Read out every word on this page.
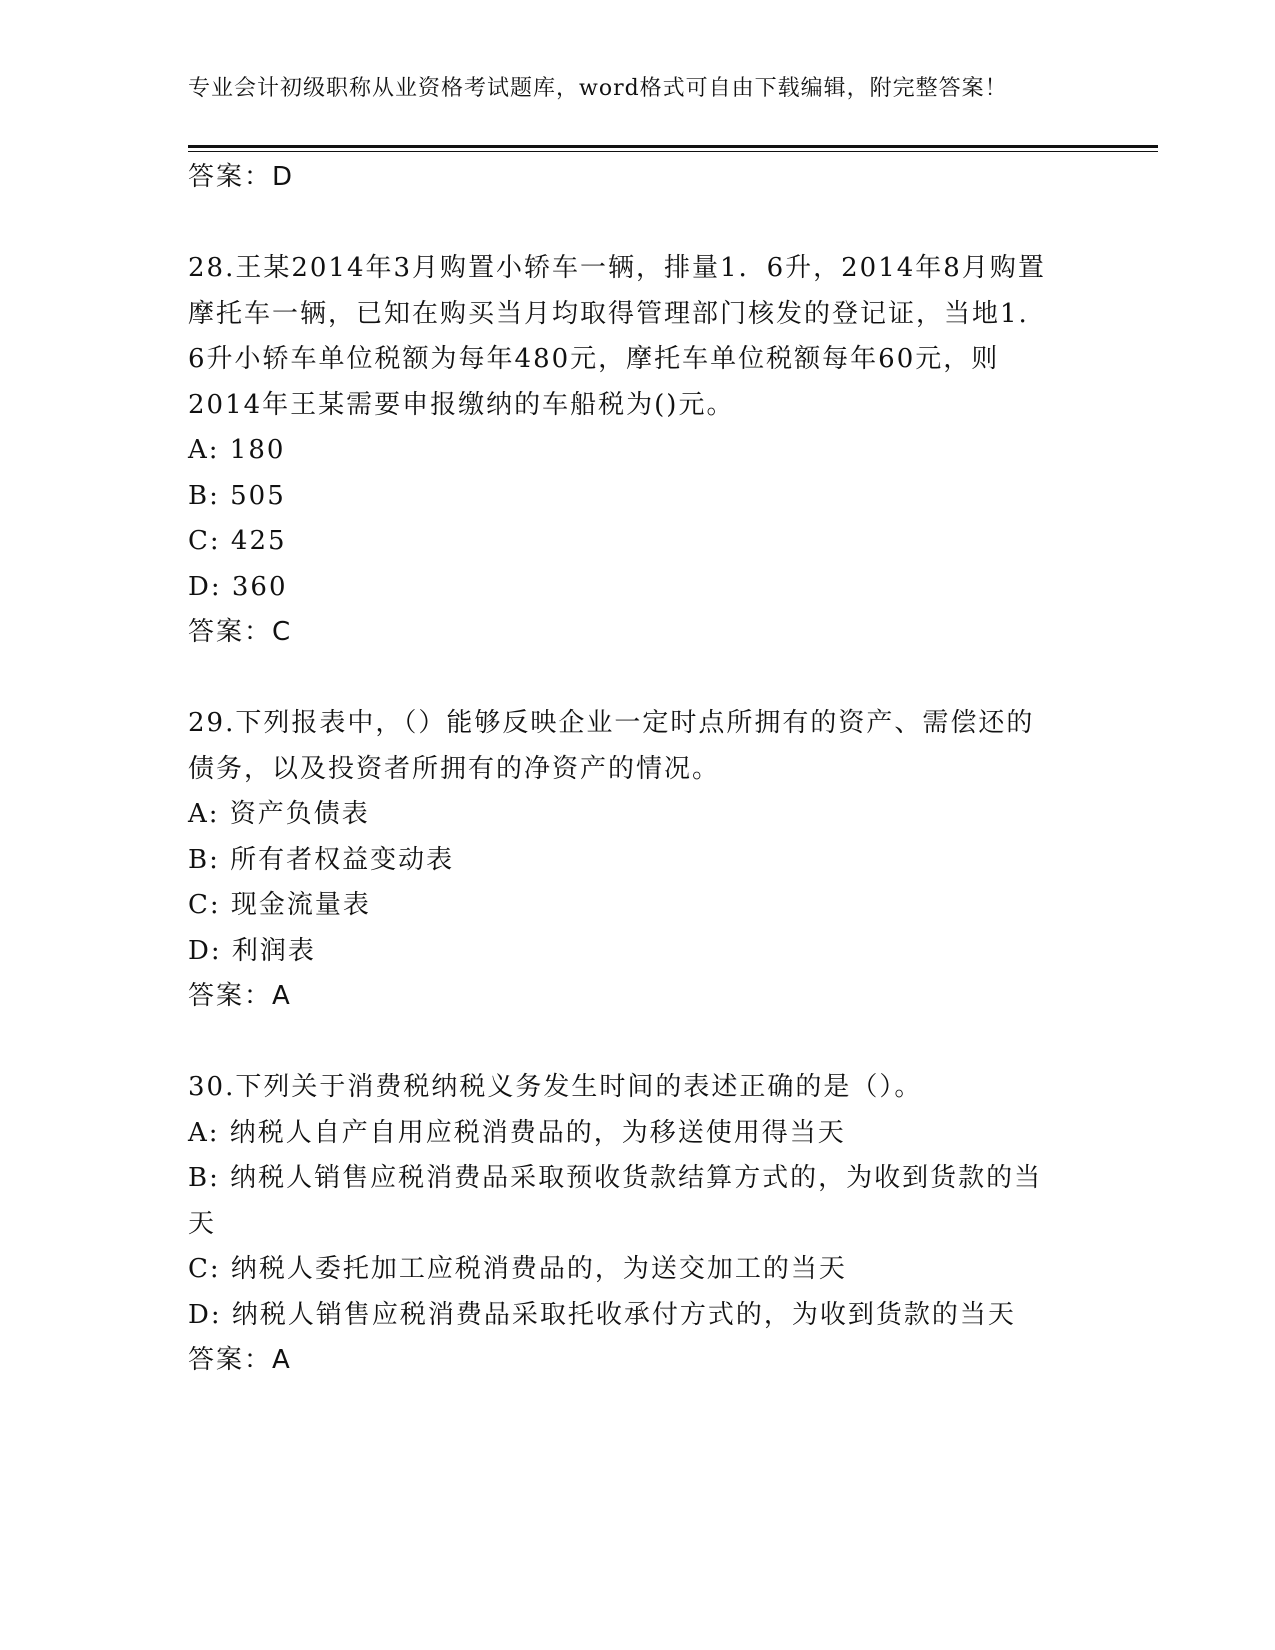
专业会计初级职称从业资格考试题库，word格式可自由下载编辑，附完整答案！
答案：D
28.王某2014年3月购置小轿车一辆，排量1．6升，2014年8月购置
摩托车一辆，已知在购买当月均取得管理部门核发的登记证，当地1.
6升小轿车单位税额为每年480元，摩托车单位税额每年60元，则
2014年王某需要申报缴纳的车船税为()元。
A: 180
B: 505
C: 425
D: 360
答案：C
29.下列报表中，（）能够反映企业一定时点所拥有的资产、需偿还的
债务，以及投资者所拥有的净资产的情况。
A: 资产负债表
B: 所有者权益变动表
C: 现金流量表
D: 利润表
答案：A
30.下列关于消费税纳税义务发生时间的表述正确的是（）。
A: 纳税人自产自用应税消费品的，为移送使用得当天
B: 纳税人销售应税消费品采取预收货款结算方式的，为收到货款的当
天
C: 纳税人委托加工应税消费品的，为送交加工的当天
D: 纳税人销售应税消费品采取托收承付方式的，为收到货款的当天
答案：A
